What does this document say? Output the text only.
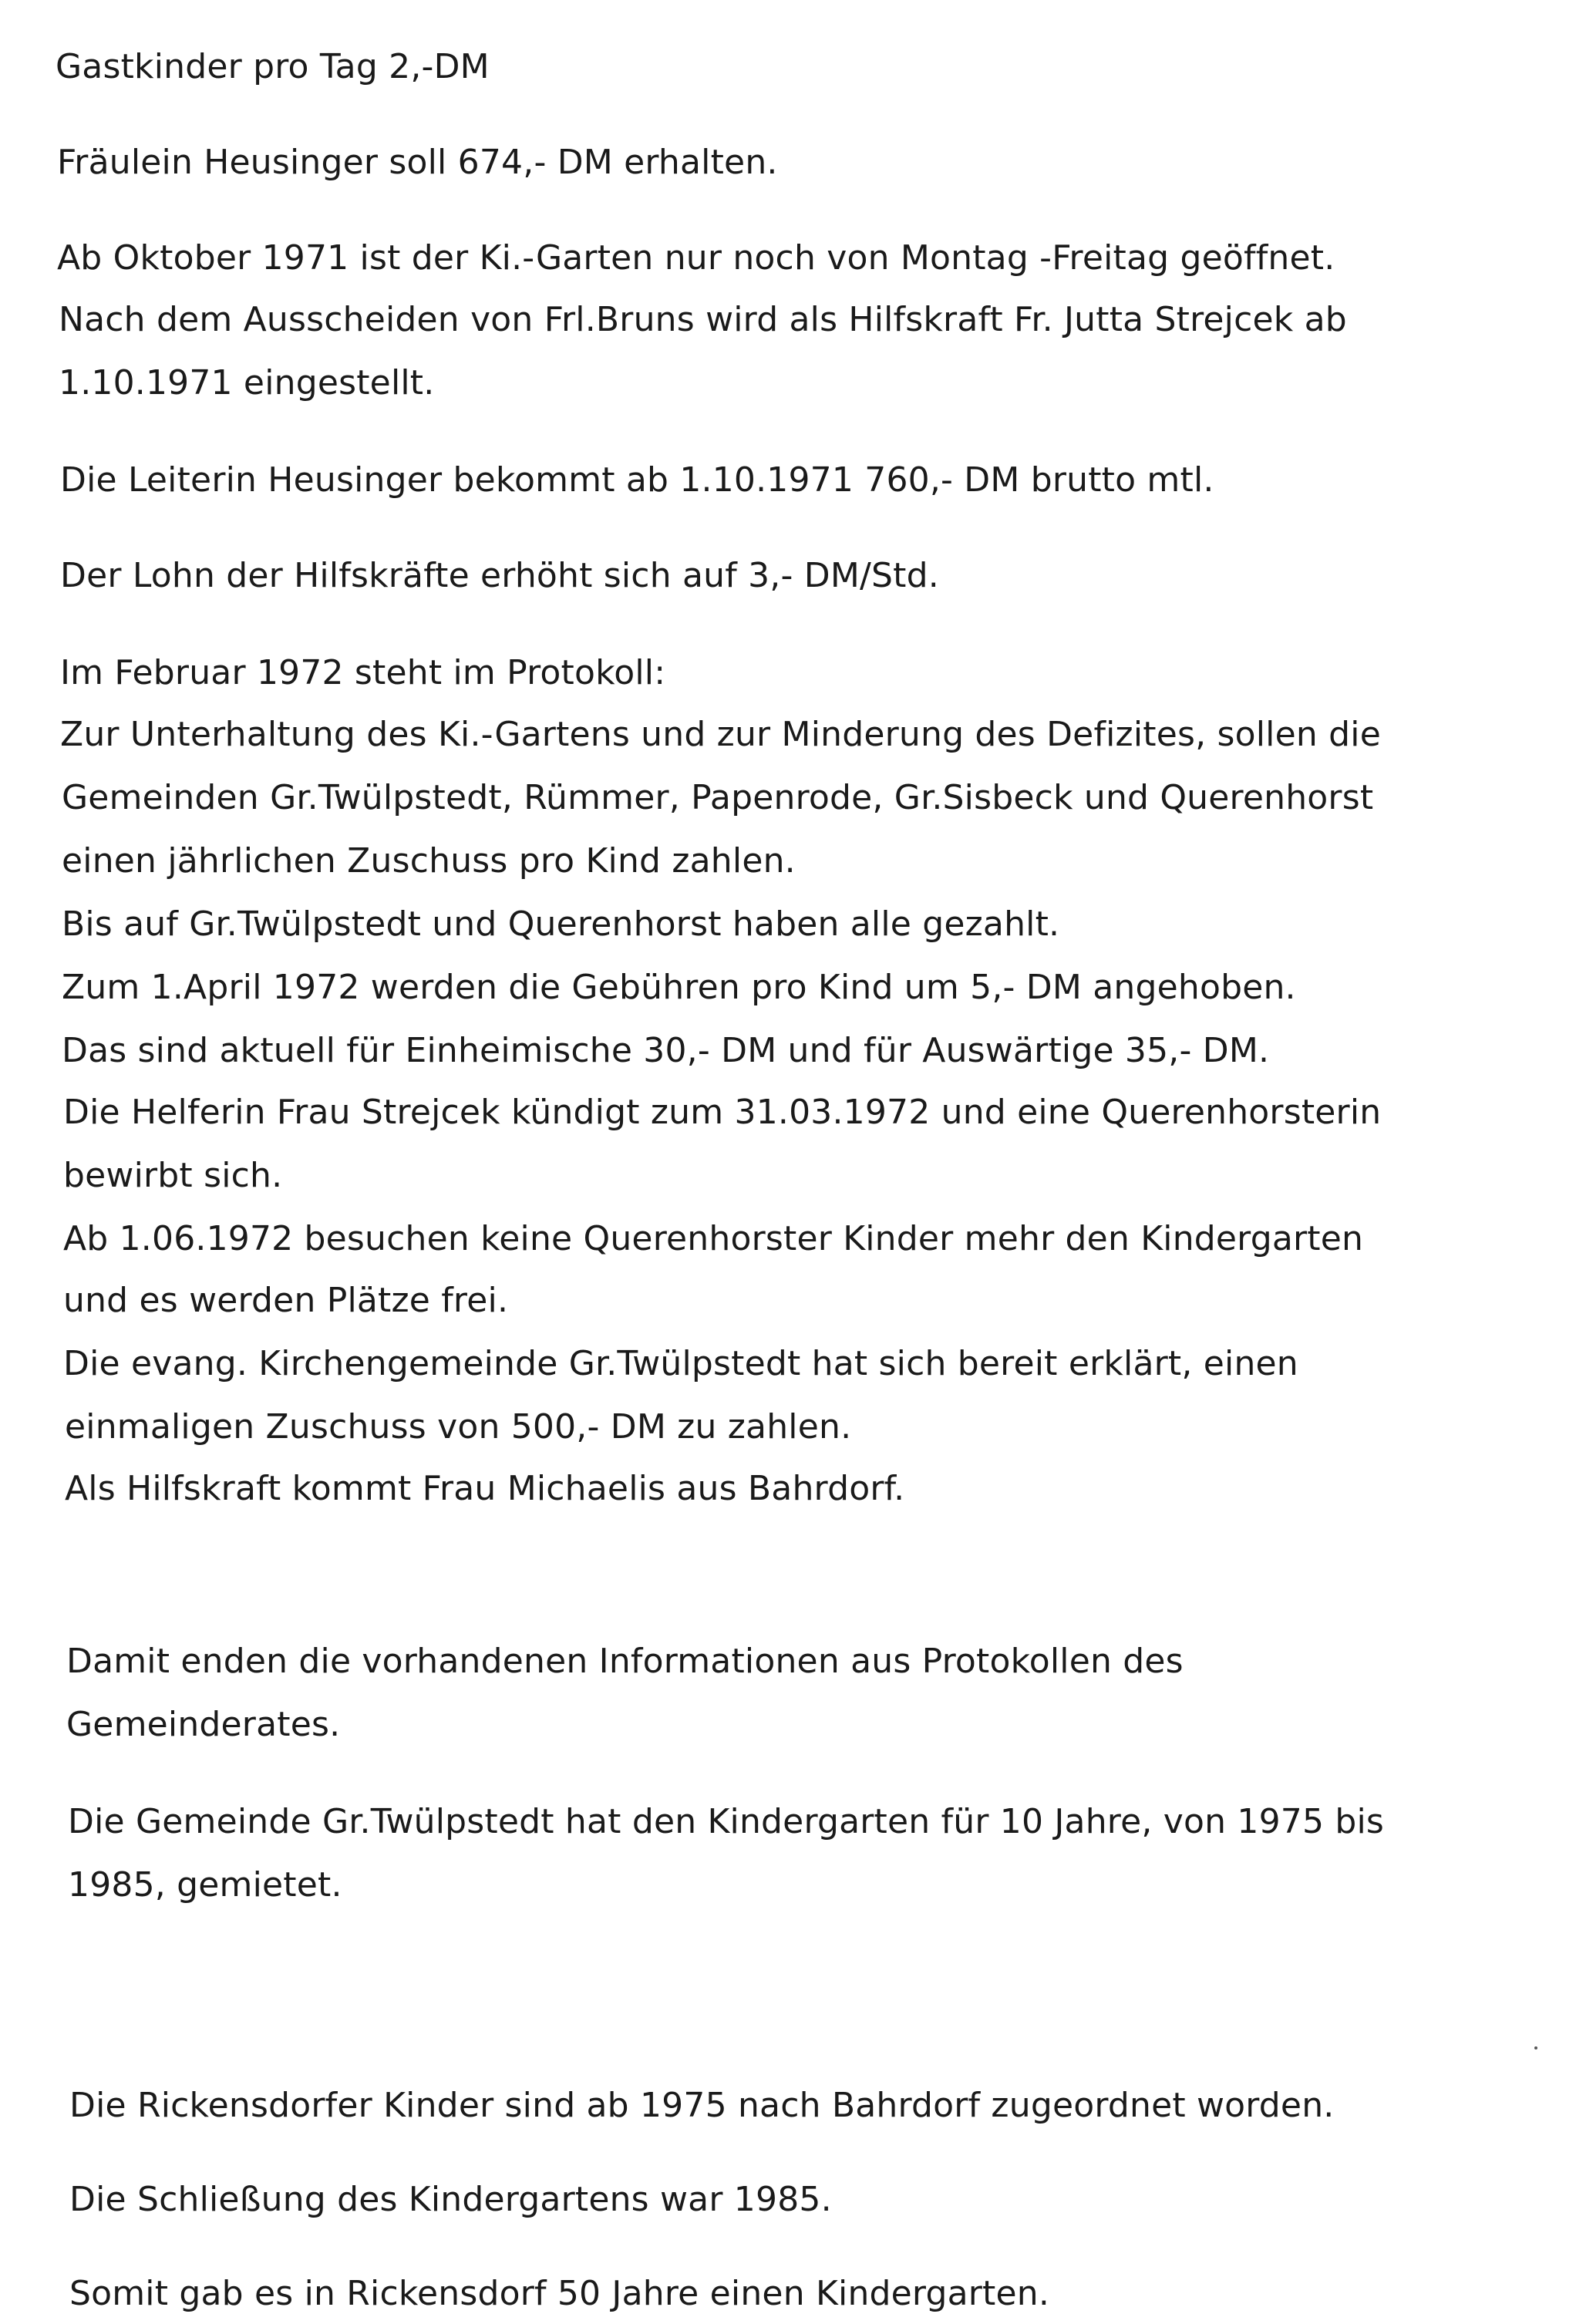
Gastkinder pro Tag 2,-DM
Fräulein Heusinger soll 674,- DM erhalten.
Ab Oktober 1971 ist der Ki.-Garten nur noch von Montag -Freitag geöffnet.
Nach dem Ausscheiden von Frl.Bruns wird als Hilfskraft Fr. Jutta Strejcek ab
1.10.1971 eingestellt.
Die Leiterin Heusinger bekommt ab 1.10.1971 760,- DM brutto mtl.
Der Lohn der Hilfskräfte erhöht sich auf 3,- DM/Std.
Im Februar 1972 steht im Protokoll:
Zur Unterhaltung des Ki.-Gartens und zur Minderung des Defizites, sollen die
Gemeinden Gr.Twülpstedt, Rümmer, Papenrode, Gr.Sisbeck und Querenhorst
einen jährlichen Zuschuss pro Kind zahlen.
Bis auf Gr.Twülpstedt und Querenhorst haben alle gezahlt.
Zum 1.April 1972 werden die Gebühren pro Kind um 5,- DM angehoben.
Das sind aktuell für Einheimische 30,- DM und für Auswärtige 35,- DM.
Die Helferin Frau Strejcek kündigt zum 31.03.1972 und eine Querenhorsterin
bewirbt sich.
Ab 1.06.1972 besuchen keine Querenhorster Kinder mehr den Kindergarten
und es werden Plätze frei.
Die evang. Kirchengemeinde Gr.Twülpstedt hat sich bereit erklärt, einen
einmaligen Zuschuss von 500,- DM zu zahlen.
Als Hilfskraft kommt Frau Michaelis aus Bahrdorf.
Damit enden die vorhandenen Informationen aus Protokollen des
Gemeinderates.
Die Gemeinde Gr.Twülpstedt hat den Kindergarten für 10 Jahre, von 1975 bis
1985, gemietet.
Die Rickensdorfer Kinder sind ab 1975 nach Bahrdorf zugeordnet worden.
Die Schließung des Kindergartens war 1985.
Somit gab es in Rickensdorf 50 Jahre einen Kindergarten.
